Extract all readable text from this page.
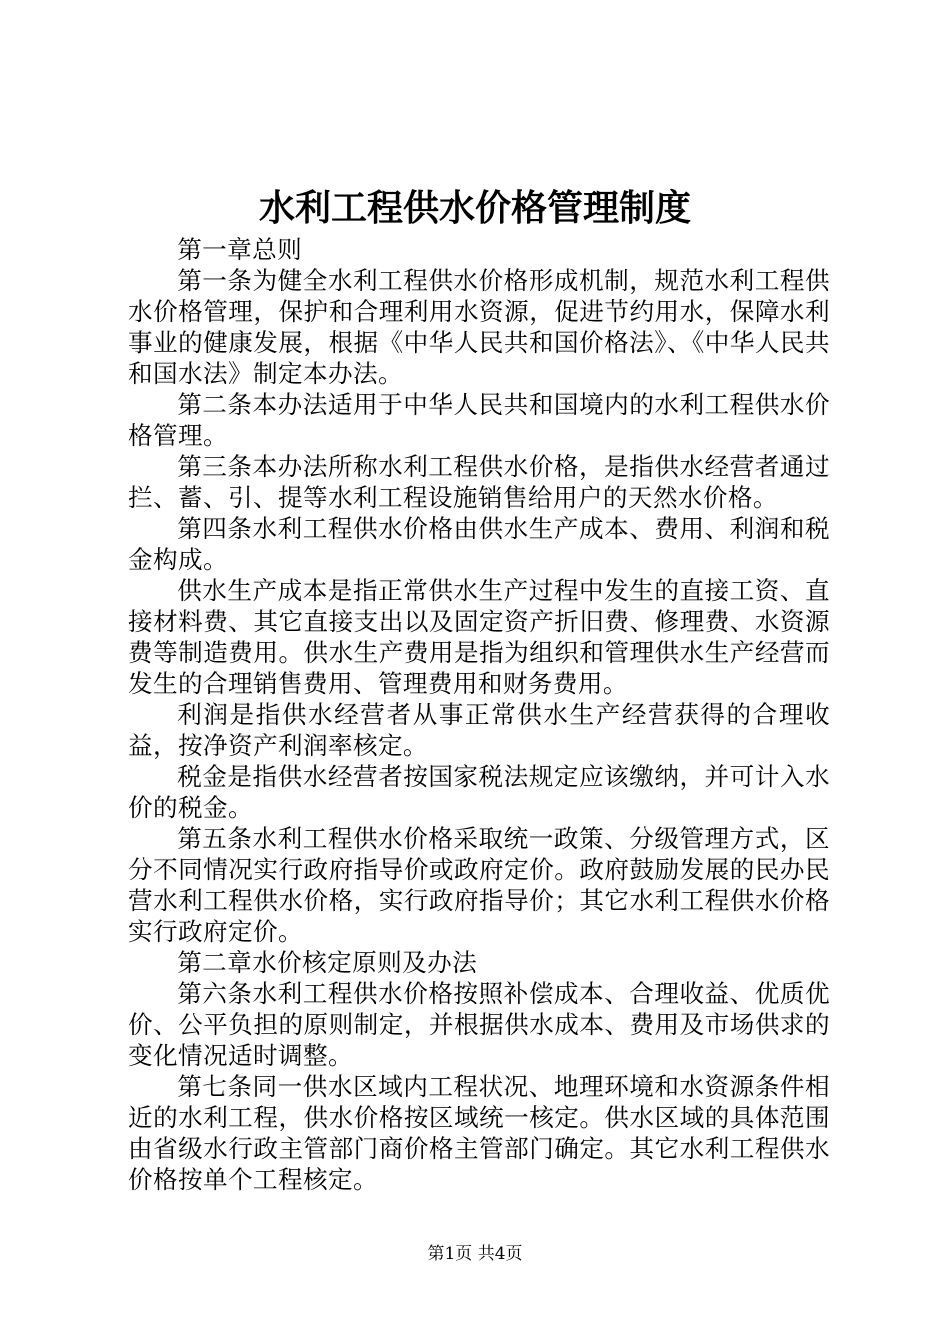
水利工程供水价格管理制度

第一章总则

第一条为健全水利工程供水价格形成机制，规范水利工程供水价格管理，保护和合理利用水资源，促进节约用水，保障水利事业的健康发展，根据《中华人民共和国价格法》、《中华人民共和国水法》制定本办法。

第二条本办法适用于中华人民共和国境内的水利工程供水价格管理。

第三条本办法所称水利工程供水价格，是指供水经营者通过拦、蓄、引、提等水利工程设施销售给用户的天然水价格。

第四条水利工程供水价格由供水生产成本、费用、利润和税金构成。

供水生产成本是指正常供水生产过程中发生的直接工资、直接材料费、其它直接支出以及固定资产折旧费、修理费、水资源费等制造费用。供水生产费用是指为组织和管理供水生产经营而发生的合理销售费用、管理费用和财务费用。

利润是指供水经营者从事正常供水生产经营获得的合理收益，按净资产利润率核定。

税金是指供水经营者按国家税法规定应该缴纳，并可计入水价的税金。

第五条水利工程供水价格采取统一政策、分级管理方式，区分不同情况实行政府指导价或政府定价。政府鼓励发展的民办民营水利工程供水价格，实行政府指导价；其它水利工程供水价格实行政府定价。

第二章水价核定原则及办法

第六条水利工程供水价格按照补偿成本、合理收益、优质优价、公平负担的原则制定，并根据供水成本、费用及市场供求的变化情况适时调整。

第七条同一供水区域内工程状况、地理环境和水资源条件相近的水利工程，供水价格按区域统一核定。供水区域的具体范围由省级水行政主管部门商价格主管部门确定。其它水利工程供水价格按单个工程核定。

第1页 共4页
